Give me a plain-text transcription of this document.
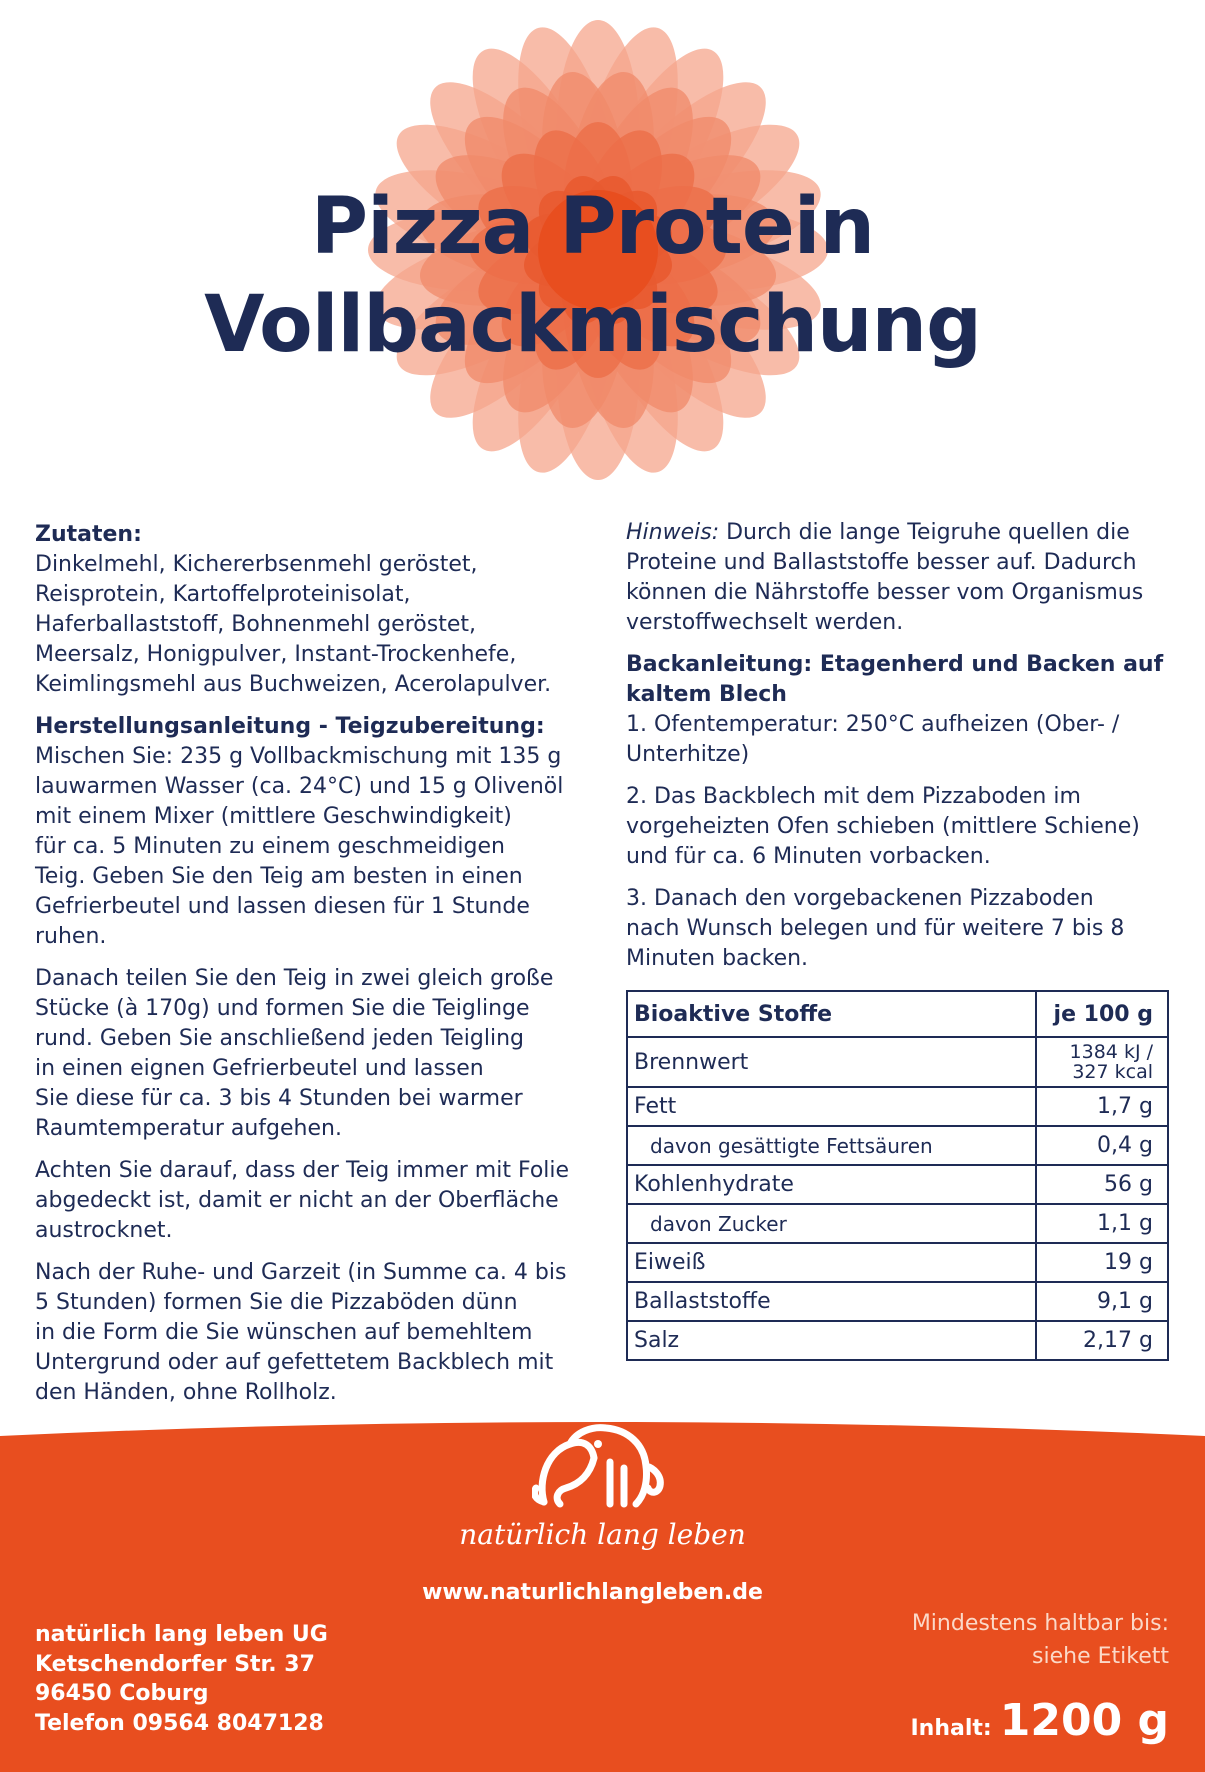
Pizza Protein
Vollbackmischung
Zutaten:
Dinkelmehl, Kichererbsenmehl geröstet,
Reisprotein, Kartoffelproteinisolat,
Haferballaststoff, Bohnenmehl geröstet,
Meersalz, Honigpulver, Instant-Trockenhefe,
Keimlingsmehl aus Buchweizen, Acerolapulver.
Herstellungsanleitung - Teigzubereitung:
Mischen Sie: 235 g Vollbackmischung mit 135 g
lauwarmen Wasser (ca. 24°C) und 15 g Olivenöl
mit einem Mixer (mittlere Geschwindigkeit)
für ca. 5 Minuten zu einem geschmeidigen
Teig. Geben Sie den Teig am besten in einen
Gefrierbeutel und lassen diesen für 1 Stunde
ruhen.
Danach teilen Sie den Teig in zwei gleich große
Stücke (à 170g) und formen Sie die Teiglinge
rund. Geben Sie anschließend jeden Teigling
in einen eignen Gefrierbeutel und lassen
Sie diese für ca. 3 bis 4 Stunden bei warmer
Raumtemperatur aufgehen.
Achten Sie darauf, dass der Teig immer mit Folie
abgedeckt ist, damit er nicht an der Oberfläche
austrocknet.
Nach der Ruhe- und Garzeit (in Summe ca. 4 bis
5 Stunden) formen Sie die Pizzaböden dünn
in die Form die Sie wünschen auf bemehltem
Untergrund oder auf gefettetem Backblech mit
den Händen, ohne Rollholz.
Hinweis: Durch die lange Teigruhe quellen die
Proteine und Ballaststoffe besser auf. Dadurch
können die Nährstoffe besser vom Organismus
verstoffwechselt werden.
Backanleitung: Etagenherd und Backen auf
kaltem Blech
1. Ofentemperatur: 250°C aufheizen (Ober- /
Unterhitze)
2. Das Backblech mit dem Pizzaboden im
vorgeheizten Ofen schieben (mittlere Schiene)
und für ca. 6 Minuten vorbacken.
3. Danach den vorgebackenen Pizzaboden
nach Wunsch belegen und für weitere 7 bis 8
Minuten backen.
Bioaktive Stoffe	je 100 g
Brennwert	1384 kJ /
327 kcal

Fett	1,7 g
davon gesättigte Fettsäuren	0,4 g
Kohlenhydrate	56 g
davon Zucker	1,1 g
Eiweiß	19 g
Ballaststoffe	9,1 g
Salz	2,17 g
natürlich lang leben
www.naturlichlangleben.de
natürlich lang leben UG
Ketschendorfer Str. 37
96450 Coburg
Telefon 09564 8047128
Mindestens haltbar bis:
siehe Etikett
Inhalt: 1200 g
